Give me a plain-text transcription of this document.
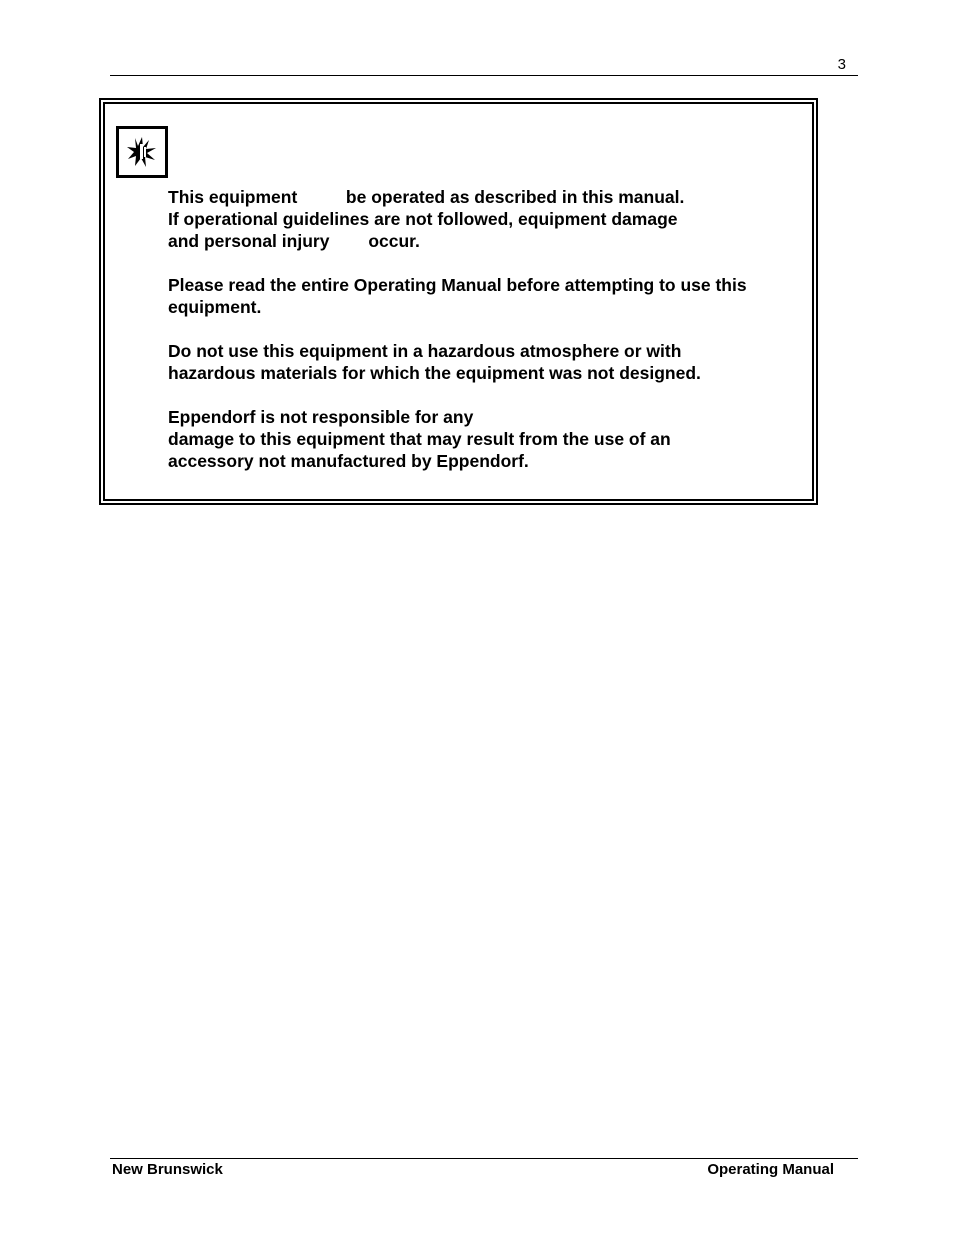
3

This equipment          be operated as described in this manual.
If operational guidelines are not followed, equipment damage
and personal injury        occur.

Please read the entire Operating Manual before attempting to use this
equipment.

Do not use this equipment in a hazardous atmosphere or with
hazardous materials for which the equipment was not designed.

Eppendorf is not responsible for any
damage to this equipment that may result from the use of an
accessory not manufactured by Eppendorf.

New Brunswick	Operating Manual
